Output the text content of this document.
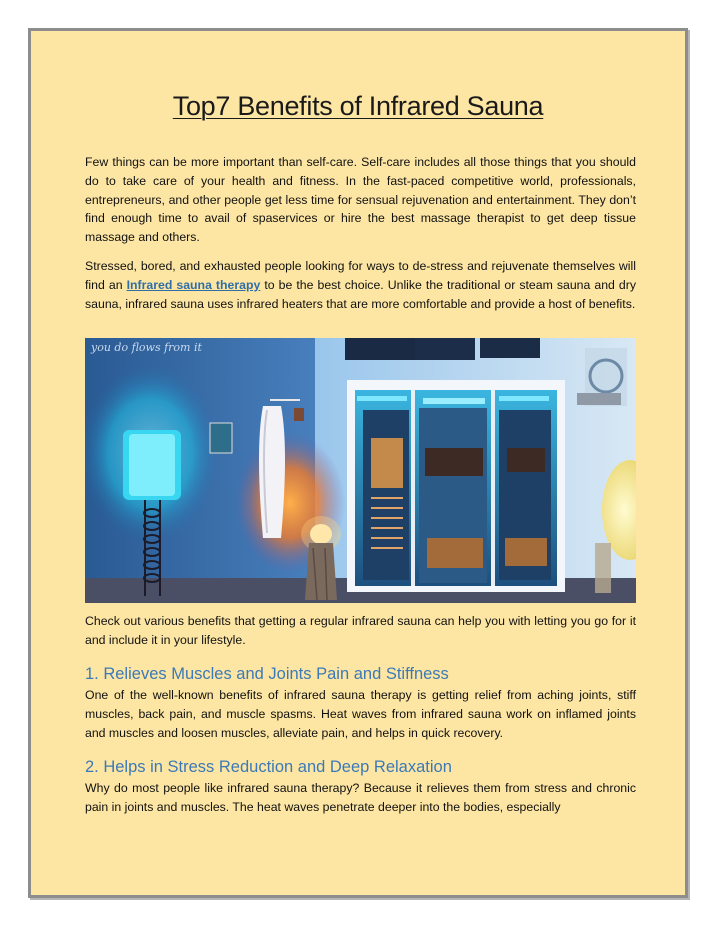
Top7 Benefits of Infrared Sauna

Few things can be more important than self-care. Self-care includes all those things that you should do to take care of your health and fitness. In the fast-paced competitive world, professionals, entrepreneurs, and other people get less time for sensual rejuvenation and entertainment. They don’t find enough time to avail of spaservices or hire the best massage therapist to get deep tissue massage and others.

Stressed, bored, and exhausted people looking for ways to de-stress and rejuvenate themselves will find an Infrared sauna therapy to be the best choice. Unlike the traditional or steam sauna and dry sauna, infrared sauna uses infrared heaters that are more comfortable and provide a host of benefits.

you do flows from it

Check out various benefits that getting a regular infrared sauna can help you with letting you go for it and include it in your lifestyle.

1. Relieves Muscles and Joints Pain and Stiffness

One of the well-known benefits of infrared sauna therapy is getting relief from aching joints, stiff muscles, back pain, and muscle spasms. Heat waves from infrared sauna work on inflamed joints and muscles and loosen muscles, alleviate pain, and helps in quick recovery.

2. Helps in Stress Reduction and Deep Relaxation

Why do most people like infrared sauna therapy? Because it relieves them from stress and chronic pain in joints and muscles. The heat waves penetrate deeper into the bodies, especially
